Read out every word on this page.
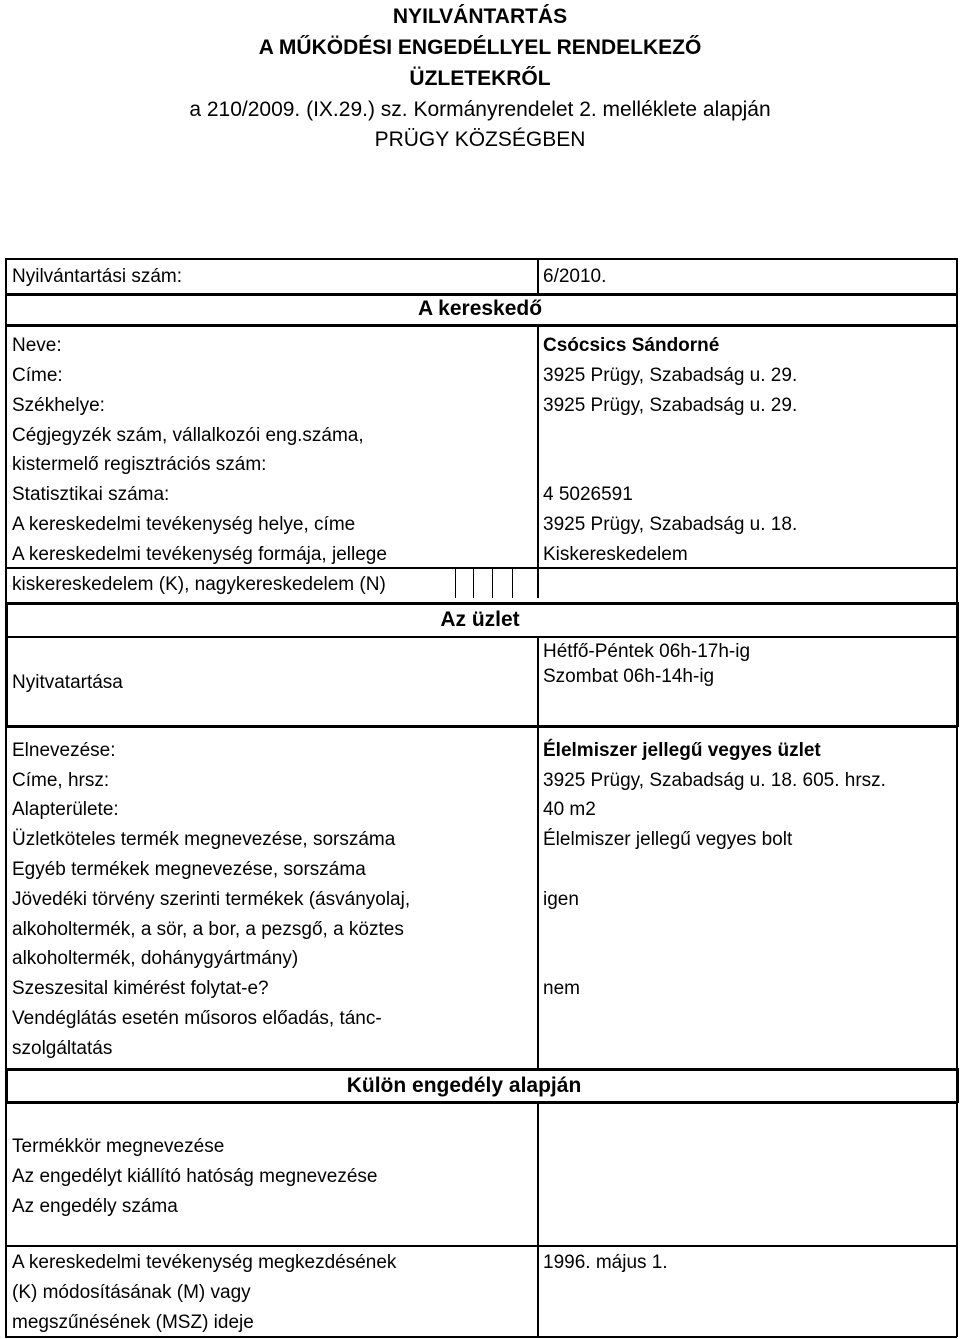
NYILVÁNTARTÁS
A MŰKÖDÉSI ENGEDÉLLYEL RENDELKEZŐ
ÜZLETEKRŐL
a 210/2009. (IX.29.) sz. Kormányrendelet 2. melléklete alapján
PRÜGY KÖZSÉGBEN
Nyilvántartási szám:	6/2010.
A kereskedő
Neve:	Csócsics Sándorné
Címe:	3925 Prügy, Szabadság u. 29.
Székhelye:	3925 Prügy, Szabadság u. 29.
Cégjegyzék szám, vállalkozói eng.száma,
kistermelő regisztrációs szám:
Statisztikai száma:	4 5026591
A kereskedelmi tevékenység helye, címe	3925 Prügy, Szabadság u. 18.
A kereskedelmi tevékenység formája, jellege	Kiskereskedelem
kiskereskedelem (K), nagykereskedelem (N)
Az üzlet
Nyitvatartása
Hétfő-Péntek 06h-17h-ig
Szombat 06h-14h-ig
Elnevezése:	Élelmiszer jellegű vegyes üzlet
Címe, hrsz:	3925 Prügy, Szabadság u. 18. 605. hrsz.
Alapterülete:	40 m2
Üzletköteles termék megnevezése, sorszáma	Élelmiszer jellegű vegyes bolt
Egyéb termékek megnevezése, sorszáma
Jövedéki törvény szerinti termékek (ásványolaj,	igen
alkoholtermék, a sör, a bor, a pezsgő, a köztes
alkoholtermék, dohánygyártmány)
Szeszesital kimérést folytat-e?	nem
Vendéglátás esetén műsoros előadás, tánc-
szolgáltatás
Külön engedély alapján
Termékkör megnevezése
Az engedélyt kiállító hatóság megnevezése
Az engedély száma
A kereskedelmi tevékenység megkezdésének	1996. május 1.
(K) módosításának (M) vagy
megszűnésének (MSZ) ideje
